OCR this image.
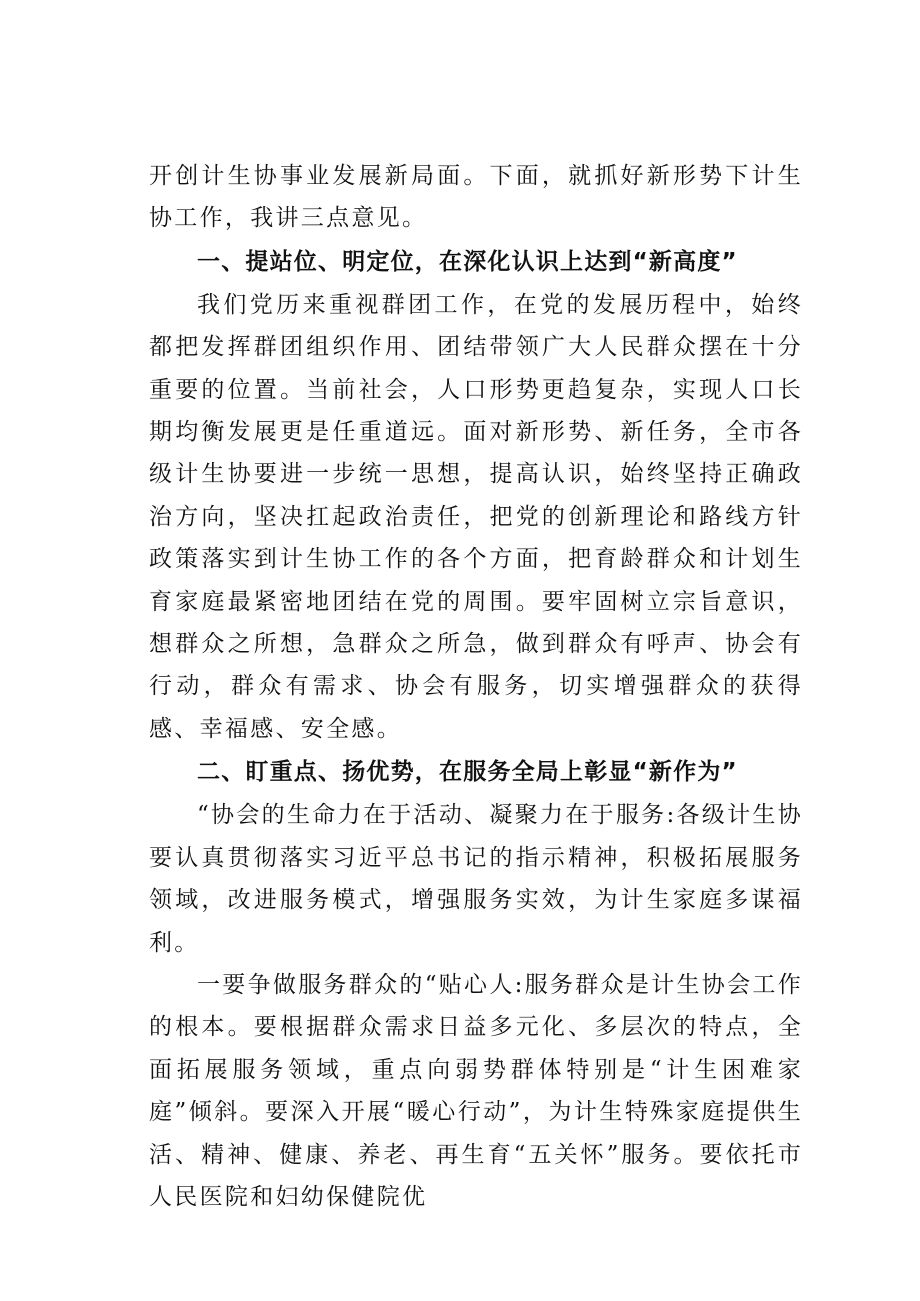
开创计生协事业发展新局面。下面，就抓好新形势下计生协工作，我讲三点意见。

一、提站位、明定位，在深化认识上达到“新高度”

我们党历来重视群团工作，在党的发展历程中，始终都把发挥群团组织作用、团结带领广大人民群众摆在十分重要的位置。当前社会，人口形势更趋复杂，实现人口长期均衡发展更是任重道远。面对新形势、新任务，全市各级计生协要进一步统一思想，提高认识，始终坚持正确政治方向，坚决扛起政治责任，把党的创新理论和路线方针政策落实到计生协工作的各个方面，把育龄群众和计划生育家庭最紧密地团结在党的周围。要牢固树立宗旨意识，想群众之所想，急群众之所急，做到群众有呼声、协会有行动，群众有需求、协会有服务，切实增强群众的获得感、幸福感、安全感。

二、盯重点、扬优势，在服务全局上彰显“新作为”

“协会的生命力在于活动、凝聚力在于服务:各级计生协要认真贯彻落实习近平总书记的指示精神，积极拓展服务领域，改进服务模式，增强服务实效，为计生家庭多谋福利。

一要争做服务群众的“贴心人:服务群众是计生协会工作的根本。要根据群众需求日益多元化、多层次的特点，全面拓展服务领域，重点向弱势群体特别是“计生困难家庭”倾斜。要深入开展“暖心行动”，为计生特殊家庭提供生活、精神、健康、养老、再生育“五关怀”服务。要依托市人民医院和妇幼保健院优
